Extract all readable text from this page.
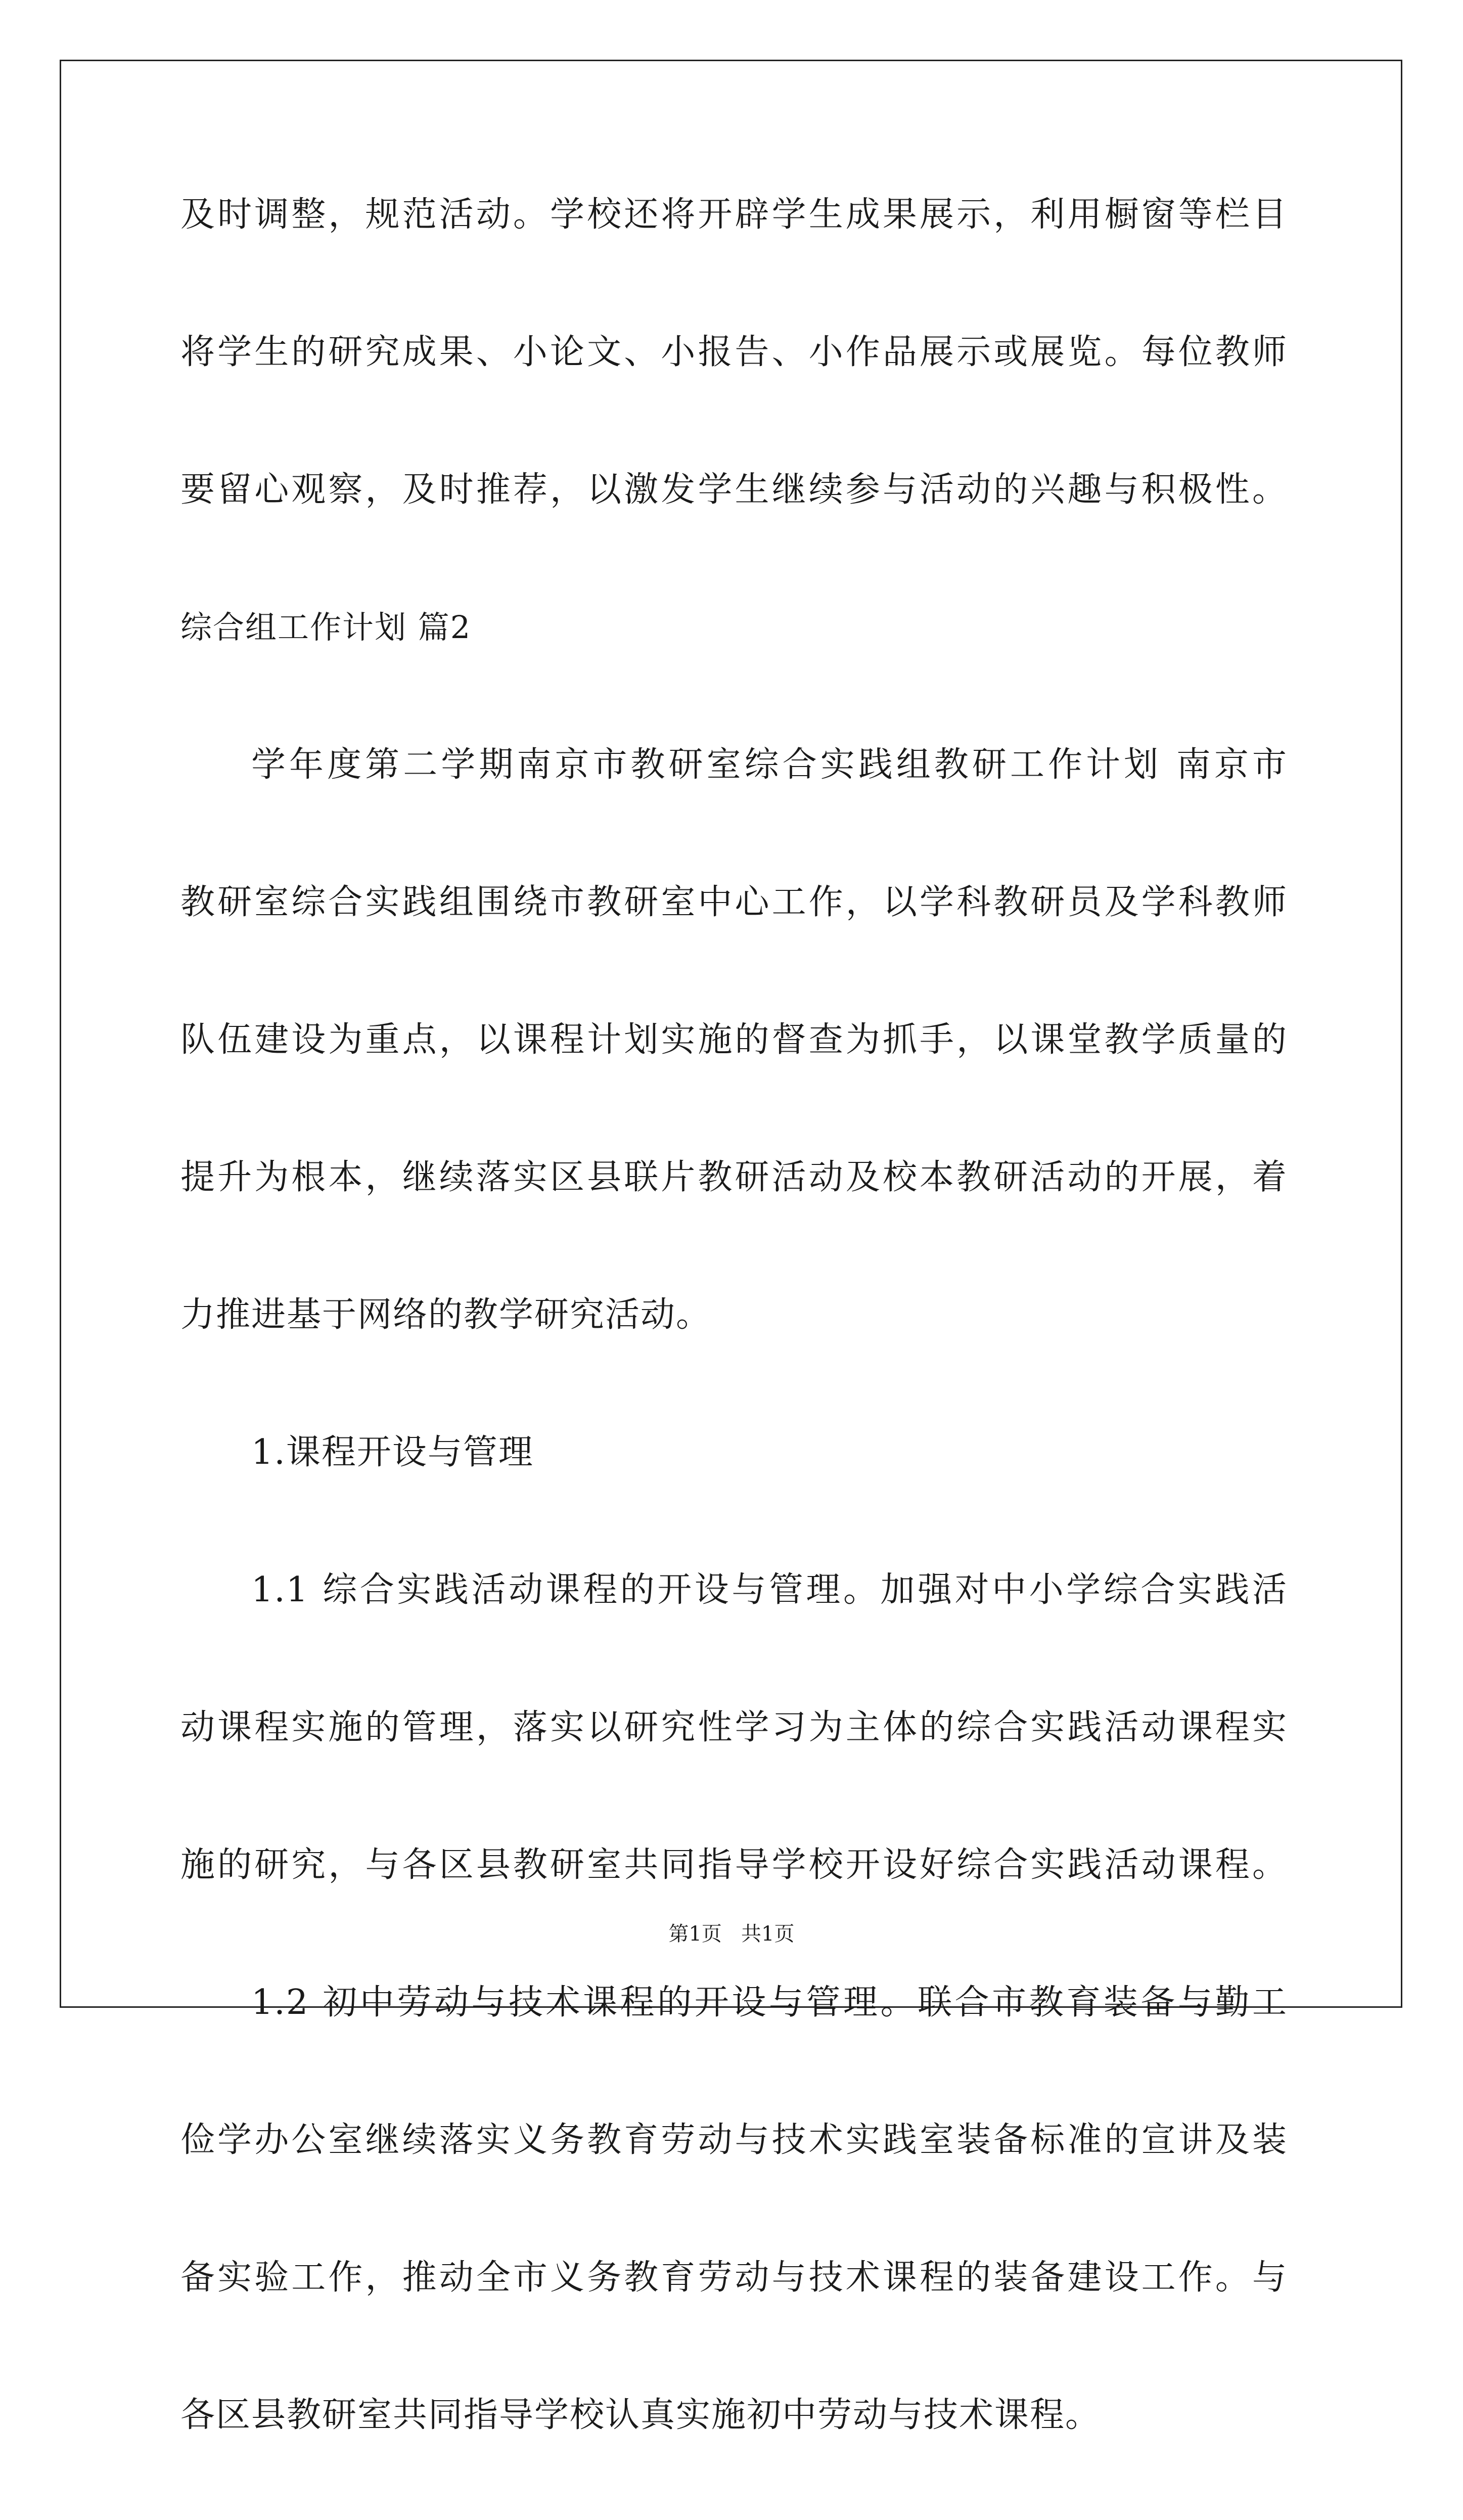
及时调整，规范活动。学校还将开辟学生成果展示，利用橱窗等栏目
将学生的研究成果、小论文、小报告、小作品展示或展览。每位教师
要留心观察，及时推荐，以激发学生继续参与活动的兴趣与积极性。
综合组工作计划 篇2
学年度第二学期南京市教研室综合实践组教研工作计划 南京市
教研室综合实践组围绕市教研室中心工作，以学科教研员及学科教师
队伍建设为重点，以课程计划实施的督查为抓手，以课堂教学质量的
提升为根本，继续落实区县联片教研活动及校本教研活动的开展，着
力推进基于网络的教学研究活动。
1.课程开设与管理
1.1 综合实践活动课程的开设与管理。加强对中小学综合实践活
动课程实施的管理，落实以研究性学习为主体的综合实践活动课程实
施的研究，与各区县教研室共同指导学校开设好综合实践活动课程。
1.2 初中劳动与技术课程的开设与管理。联合市教育装备与勤工
俭学办公室继续落实义务教育劳动与技术实践室装备标准的宣讲及装
备实验工作，推动全市义务教育劳动与技术课程的装备建设工作。与
各区县教研室共同指导学校认真实施初中劳动与技术课程。
第1页   共1页
